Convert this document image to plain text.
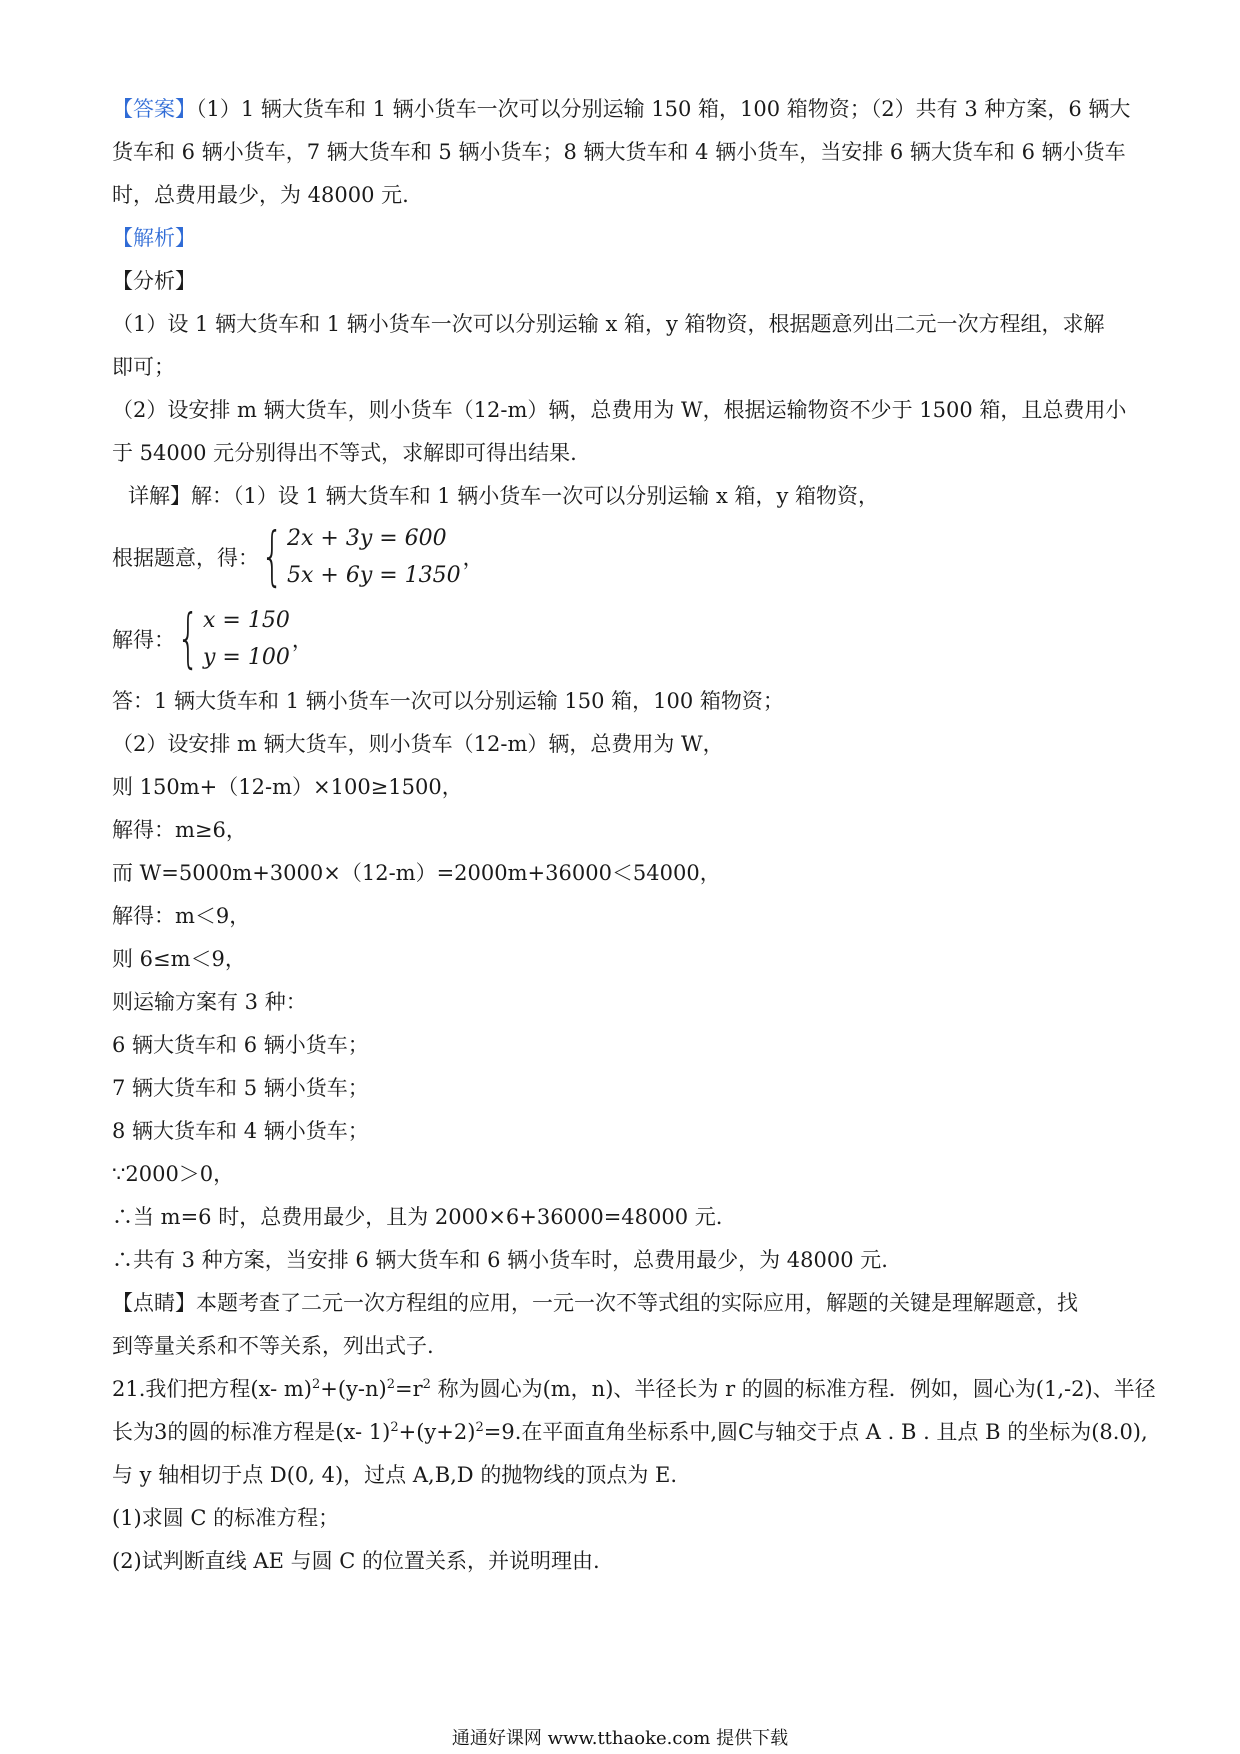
【答案】（1）1 辆大货车和 1 辆小货车一次可以分别运输 150 箱，100 箱物资；（2）共有 3 种方案，6 辆大
货车和 6 辆小货车，7 辆大货车和 5 辆小货车；8 辆大货车和 4 辆小货车，当安排 6 辆大货车和 6 辆小货车
时，总费用最少，为 48000 元.
【解析】
【分析】
（1）设 1 辆大货车和 1 辆小货车一次可以分别运输 x 箱，y 箱物资，根据题意列出二元一次方程组，求解
即可；
（2）设安排 m 辆大货车，则小货车（12-m）辆，总费用为 W，根据运输物资不少于 1500 箱，且总费用小
于 54000 元分别得出不等式，求解即可得出结果.
详解】解：（1）设 1 辆大货车和 1 辆小货车一次可以分别运输 x 箱，y 箱物资，
根据题意，得： { 2x + 3y = 600
5x + 6y = 1350
，
解得： { x = 150
y = 100
，
答：1 辆大货车和 1 辆小货车一次可以分别运输 150 箱，100 箱物资；
（2）设安排 m 辆大货车，则小货车（12-m）辆，总费用为 W，
则 150m+（12-m）×100≥1500，
解得：m≥6，
而 W=5000m+3000×（12-m）=2000m+36000＜54000，
解得：m＜9，
则 6≤m＜9，
则运输方案有 3 种：
6 辆大货车和 6 辆小货车；
7 辆大货车和 5 辆小货车；
8 辆大货车和 4 辆小货车；
∵2000＞0，
∴当 m=6 时，总费用最少，且为 2000×6+36000=48000 元.
∴共有 3 种方案，当安排 6 辆大货车和 6 辆小货车时，总费用最少，为 48000 元.
【点睛】本题考查了二元一次方程组的应用，一元一次不等式组的实际应用，解题的关键是理解题意，找
到等量关系和不等关系，列出式子.
21.我们把方程(x- $m)^2+(y-n)^2=r^2$ 称为圆心为(m，n)、半径长为 r 的圆的标准方程．例如，圆心为(1,-2)、半径
长为3的圆的标准方程是(x- $1)^2+(y+2)^2=9$.在平面直角坐标系中,圆C与轴交于点 A . B . 且点 B 的坐标为(8.0),
与 y 轴相切于点 D(0, 4)，过点 A,B,D 的抛物线的顶点为 E.
(1)求圆 C 的标准方程；
(2)试判断直线 AE 与圆 C 的位置关系，并说明理由.
通通好课网 www.tthaoke.com 提供下载
